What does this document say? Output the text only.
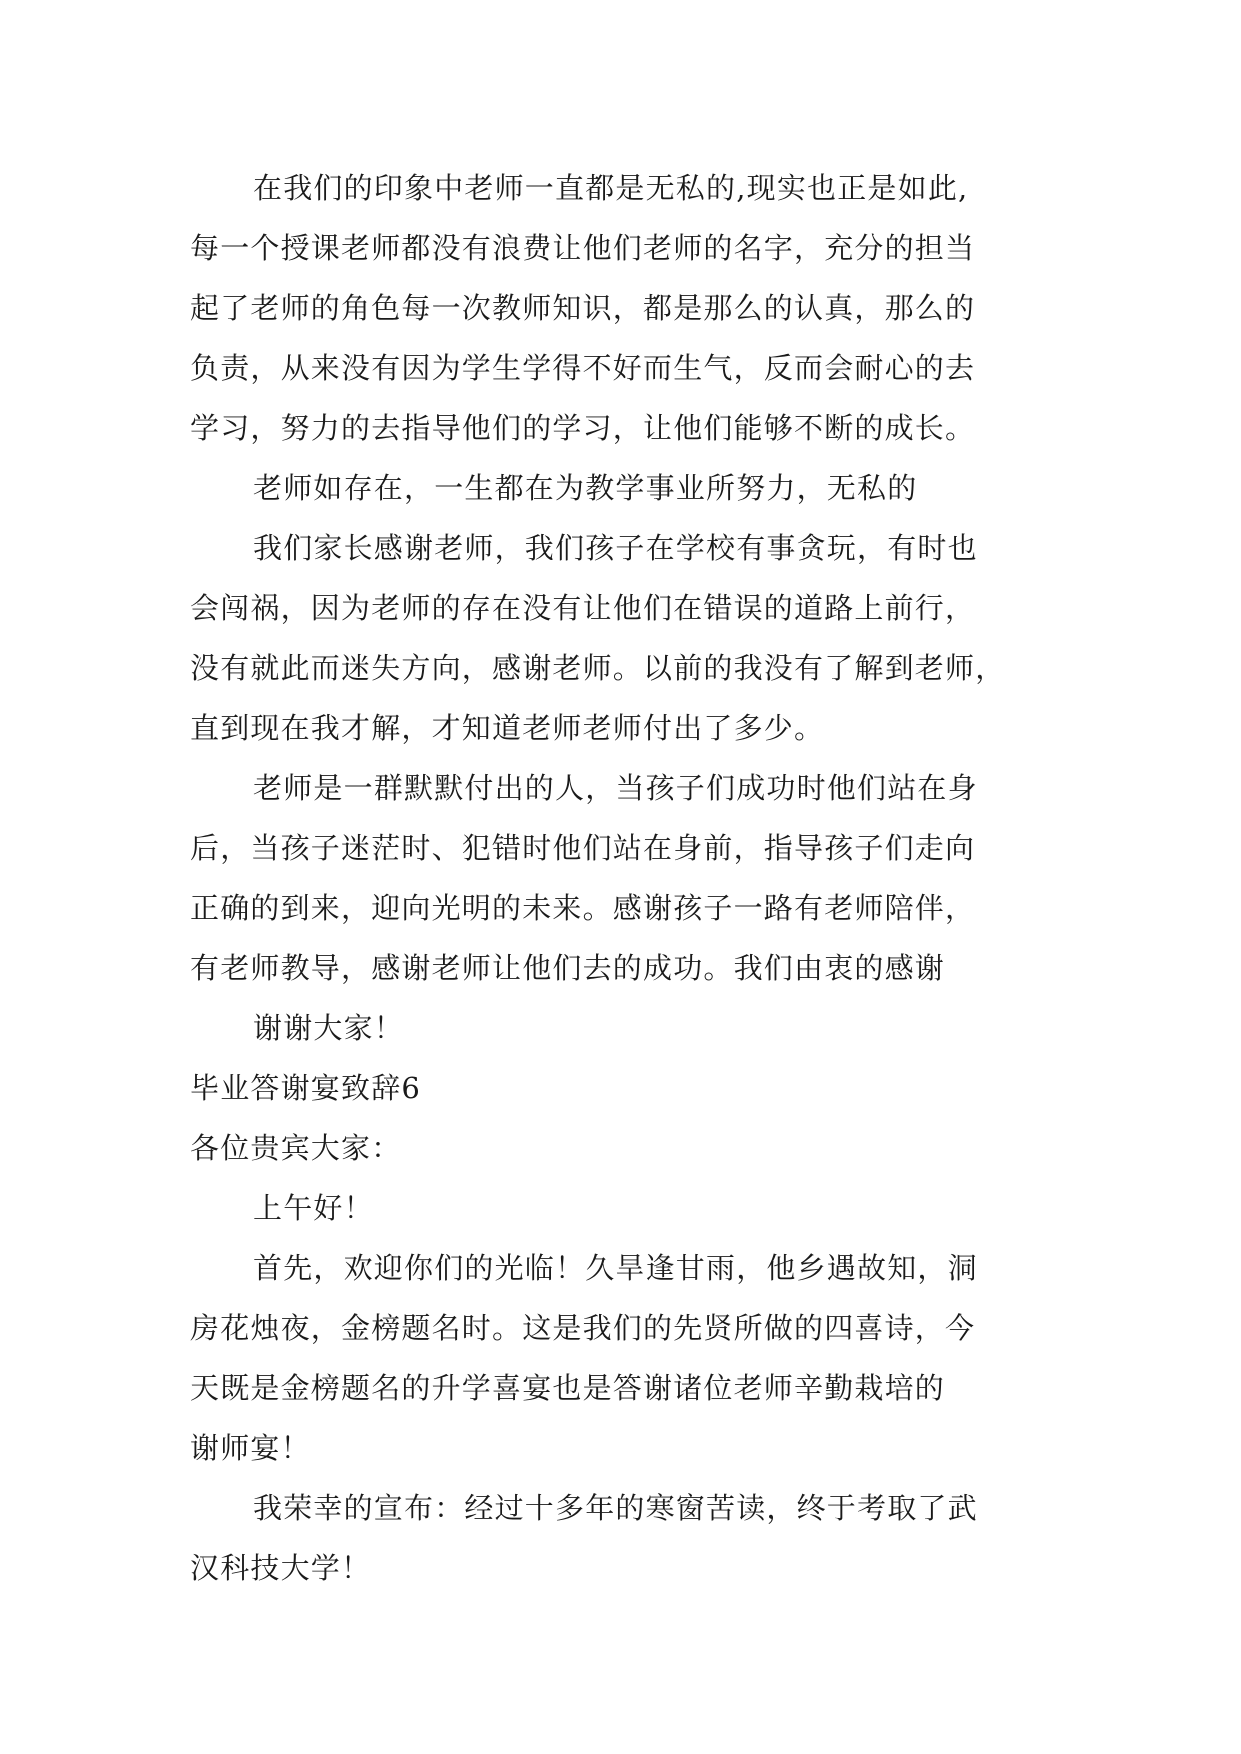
在我们的印象中老师一直都是无私的,现实也正是如此,
每一个授课老师都没有浪费让他们老师的名字，充分的担当
起了老师的角色每一次教师知识，都是那么的认真，那么的
负责，从来没有因为学生学得不好而生气，反而会耐心的去
学习，努力的去指导他们的学习，让他们能够不断的成长。
老师如存在，一生都在为教学事业所努力，无私的
我们家长感谢老师，我们孩子在学校有事贪玩，有时也
会闯祸，因为老师的存在没有让他们在错误的道路上前行，
没有就此而迷失方向，感谢老师。以前的我没有了解到老师，
直到现在我才解，才知道老师老师付出了多少。
老师是一群默默付出的人，当孩子们成功时他们站在身
后，当孩子迷茫时、犯错时他们站在身前，指导孩子们走向
正确的到来，迎向光明的未来。感谢孩子一路有老师陪伴，
有老师教导，感谢老师让他们去的成功。我们由衷的感谢
谢谢大家！
毕业答谢宴致辞6
各位贵宾大家：
上午好！
首先，欢迎你们的光临！久旱逢甘雨，他乡遇故知，洞
房花烛夜，金榜题名时。这是我们的先贤所做的四喜诗，今
天既是金榜题名的升学喜宴也是答谢诸位老师辛勤栽培的
谢师宴！
我荣幸的宣布：经过十多年的寒窗苦读，终于考取了武
汉科技大学！
